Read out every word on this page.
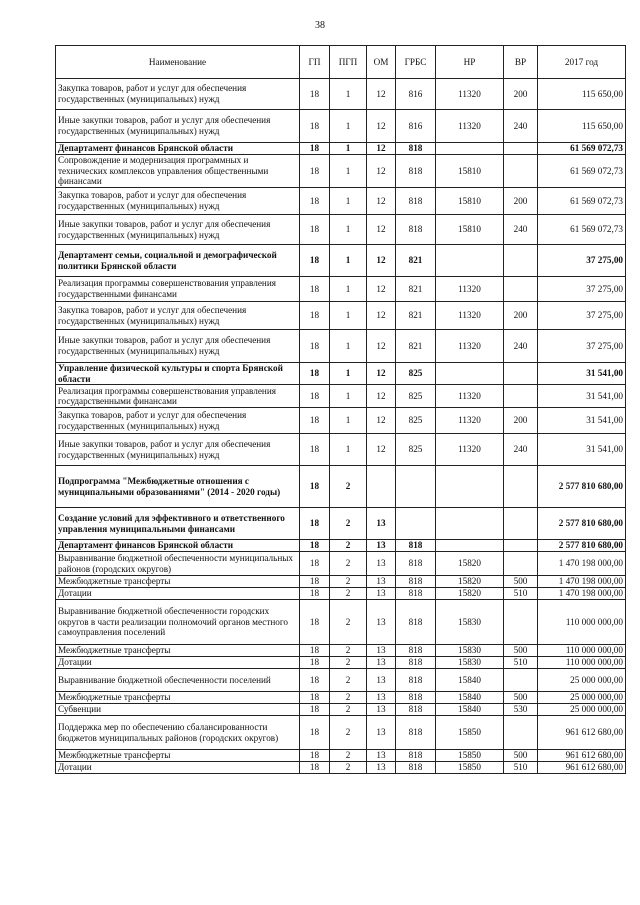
38
Наименование	ГП	ПГП	ОМ	ГРБС	НР	ВР	2017 год
Закупка товаров, работ и услуг для обеспечения государственных (муниципальных) нужд	18	1	12	816	11320	200	115 650,00
Иные закупки товаров, работ и услуг для обеспечения государственных (муниципальных) нужд	18	1	12	816	11320	240	115 650,00
Департамент финансов Брянской области	18	1	12	818			61 569 072,73
Сопровождение и модернизация программных и технических комплексов управления общественными финансами	18	1	12	818	15810		61 569 072,73
Закупка товаров, работ и услуг для обеспечения государственных (муниципальных) нужд	18	1	12	818	15810	200	61 569 072,73
Иные закупки товаров, работ и услуг для обеспечения государственных (муниципальных) нужд	18	1	12	818	15810	240	61 569 072,73
Департамент семьи, социальной и демографической политики Брянской области	18	1	12	821			37 275,00
Реализация программы совершенствования управления государственными финансами	18	1	12	821	11320		37 275,00
Закупка товаров, работ и услуг для обеспечения государственных (муниципальных) нужд	18	1	12	821	11320	200	37 275,00
Иные закупки товаров, работ и услуг для обеспечения государственных (муниципальных) нужд	18	1	12	821	11320	240	37 275,00
Управление физической культуры и спорта Брянской области	18	1	12	825			31 541,00
Реализация программы совершенствования управления государственными финансами	18	1	12	825	11320		31 541,00
Закупка товаров, работ и услуг для обеспечения государственных (муниципальных) нужд	18	1	12	825	11320	200	31 541,00
Иные закупки товаров, работ и услуг для обеспечения государственных (муниципальных) нужд	18	1	12	825	11320	240	31 541,00
Подпрограмма "Межбюджетные отношения с муниципальными образованиями" (2014 - 2020 годы)	18	2					2 577 810 680,00
Создание условий для эффективного и ответственного управления муниципальными финансами	18	2	13				2 577 810 680,00
Департамент финансов Брянской области	18	2	13	818			2 577 810 680,00
Выравнивание бюджетной обеспеченности муниципальных районов (городских округов)	18	2	13	818	15820		1 470 198 000,00
Межбюджетные трансферты	18	2	13	818	15820	500	1 470 198 000,00
Дотации	18	2	13	818	15820	510	1 470 198 000,00
Выравнивание бюджетной обеспеченности городских округов в части реализации полномочий органов местного самоуправления поселений	18	2	13	818	15830		110 000 000,00
Межбюджетные трансферты	18	2	13	818	15830	500	110 000 000,00
Дотации	18	2	13	818	15830	510	110 000 000,00
Выравнивание бюджетной обеспеченности поселений	18	2	13	818	15840		25 000 000,00
Межбюджетные трансферты	18	2	13	818	15840	500	25 000 000,00
Субвенции	18	2	13	818	15840	530	25 000 000,00
Поддержка мер по обеспечению сбалансированности бюджетов муниципальных районов (городских округов)	18	2	13	818	15850		961 612 680,00
Межбюджетные трансферты	18	2	13	818	15850	500	961 612 680,00
Дотации	18	2	13	818	15850	510	961 612 680,00
